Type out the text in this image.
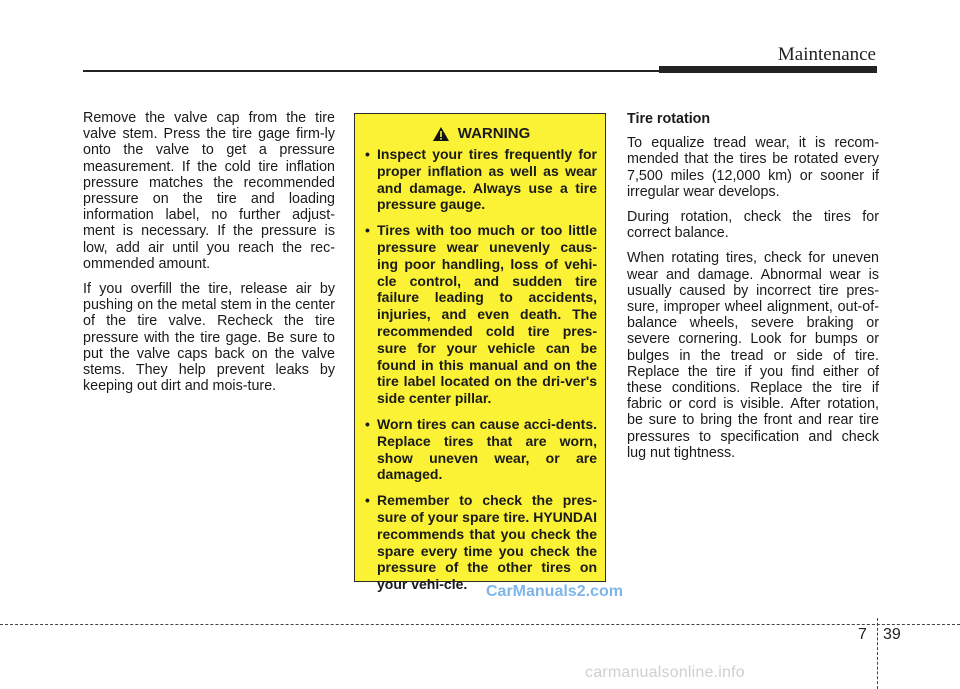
Maintenance

Remove the valve cap from the tire valve stem. Press the tire gage firm-ly onto the valve to get a pressure measurement. If the cold tire inflation pressure matches the recommended pressure on the tire and loading information label, no further adjust-ment is necessary. If the pressure is low, add air until you reach the rec-ommended amount.

If you overfill the tire, release air by pushing on the metal stem in the center of the tire valve. Recheck the tire pressure with the tire gage. Be sure to put the valve caps back on the valve stems. They help prevent leaks by keeping out dirt and mois-ture.

WARNING
• Inspect your tires frequently for proper inflation as well as wear and damage. Always use a tire pressure gauge.
• Tires with too much or too little pressure wear unevenly caus-ing poor handling, loss of vehi-cle control, and sudden tire failure leading to accidents, injuries, and even death. The recommended cold tire pres-sure for your vehicle can be found in this manual and on the tire label located on the dri-ver's side center pillar.
• Worn tires can cause acci-dents. Replace tires that are worn, show uneven wear, or are damaged.
• Remember to check the pres-sure of your spare tire. HYUNDAI recommends that you check the spare every time you check the pressure of the other tires on your vehi-cle.

Tire rotation

To equalize tread wear, it is recom-mended that the tires be rotated every 7,500 miles (12,000 km) or sooner if irregular wear develops.

During rotation, check the tires for correct balance.

When rotating tires, check for uneven wear and damage. Abnormal wear is usually caused by incorrect tire pres-sure, improper wheel alignment, out-of-balance wheels, severe braking or severe cornering. Look for bumps or bulges in the tread or side of tire. Replace the tire if you find either of these conditions. Replace the tire if fabric or cord is visible. After rotation, be sure to bring the front and rear tire pressures to specification and check lug nut tightness.

CarManuals2.com
7 39
carmanualsonline.info
